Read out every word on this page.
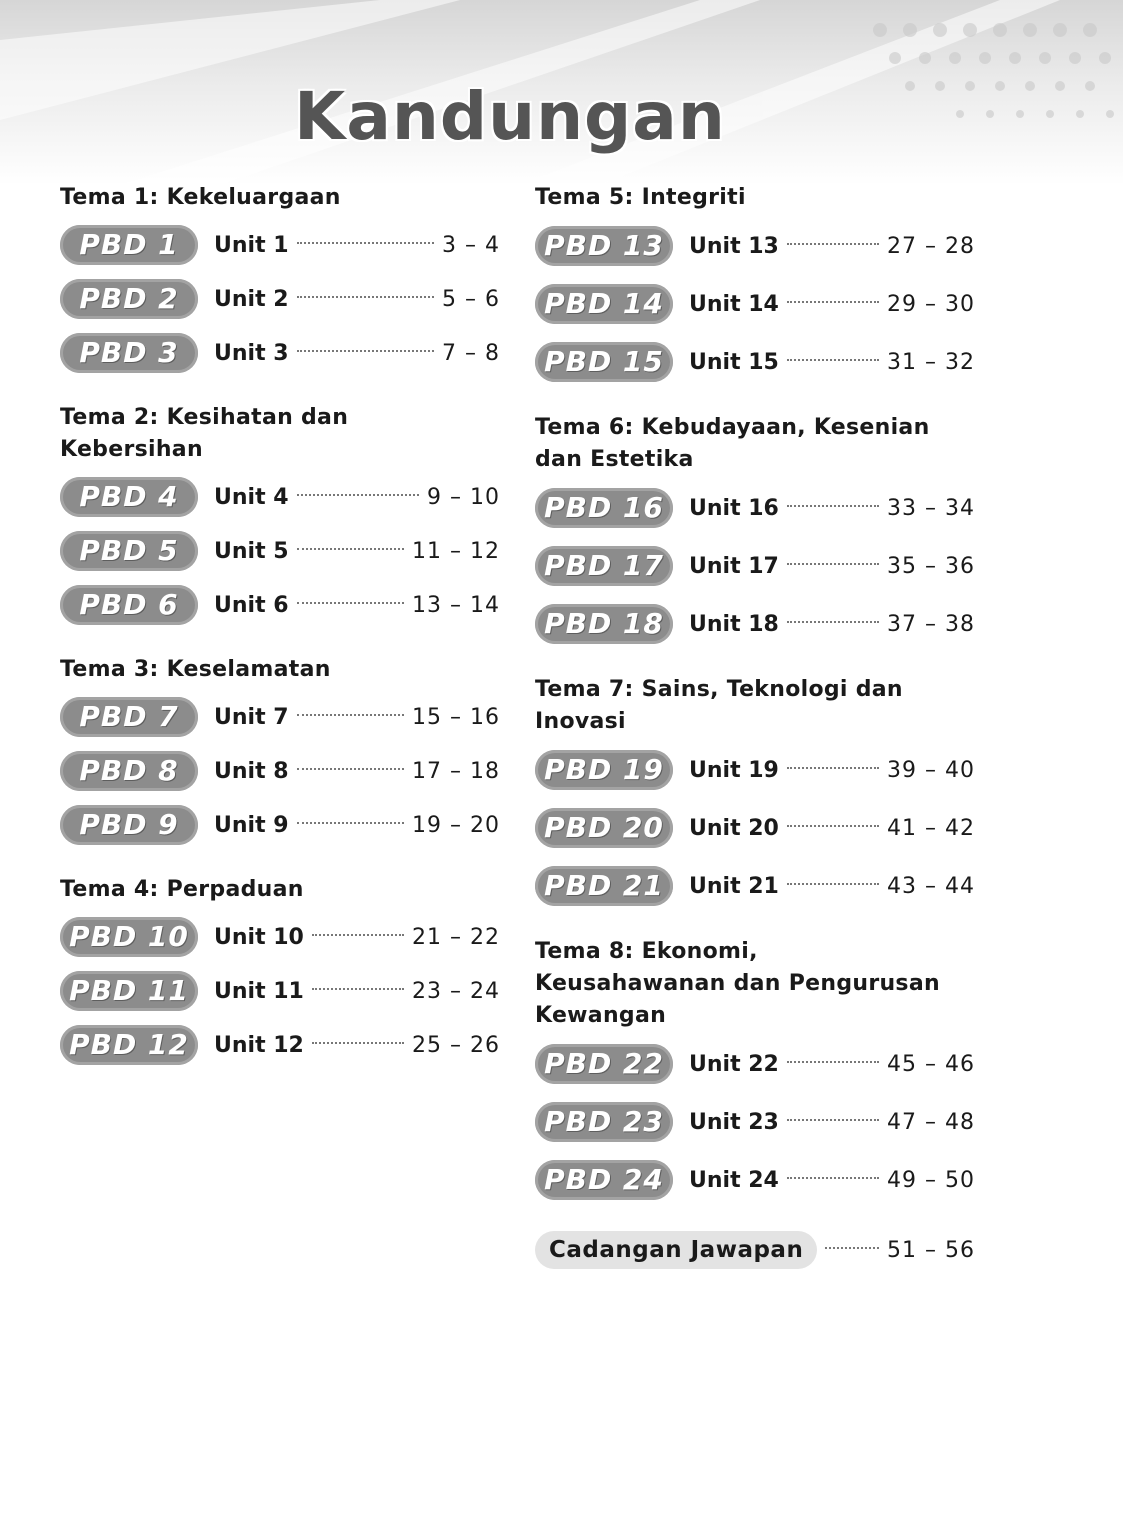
Kandungan
Tema 1: Kekeluargaan
PBD 1	Unit 1	3 – 4
PBD 2	Unit 2	5 – 6
PBD 3	Unit 3	7 – 8
Tema 2: Kesihatan dan Kebersihan
PBD 4	Unit 4	9 – 10
PBD 5	Unit 5	11 – 12
PBD 6	Unit 6	13 – 14
Tema 3: Keselamatan
PBD 7	Unit 7	15 – 16
PBD 8	Unit 8	17 – 18
PBD 9	Unit 9	19 – 20
Tema 4: Perpaduan
PBD 10	Unit 10	21 – 22
PBD 11	Unit 11	23 – 24
PBD 12	Unit 12	25 – 26
Tema 5: Integriti
PBD 13	Unit 13	27 – 28
PBD 14	Unit 14	29 – 30
PBD 15	Unit 15	31 – 32
Tema 6: Kebudayaan, Kesenian dan Estetika
PBD 16	Unit 16	33 – 34
PBD 17	Unit 17	35 – 36
PBD 18	Unit 18	37 – 38
Tema 7: Sains, Teknologi dan Inovasi
PBD 19	Unit 19	39 – 40
PBD 20	Unit 20	41 – 42
PBD 21	Unit 21	43 – 44
Tema 8: Ekonomi, Keusahawanan dan Pengurusan Kewangan
PBD 22	Unit 22	45 – 46
PBD 23	Unit 23	47 – 48
PBD 24	Unit 24	49 – 50
Cadangan Jawapan	51 – 56
